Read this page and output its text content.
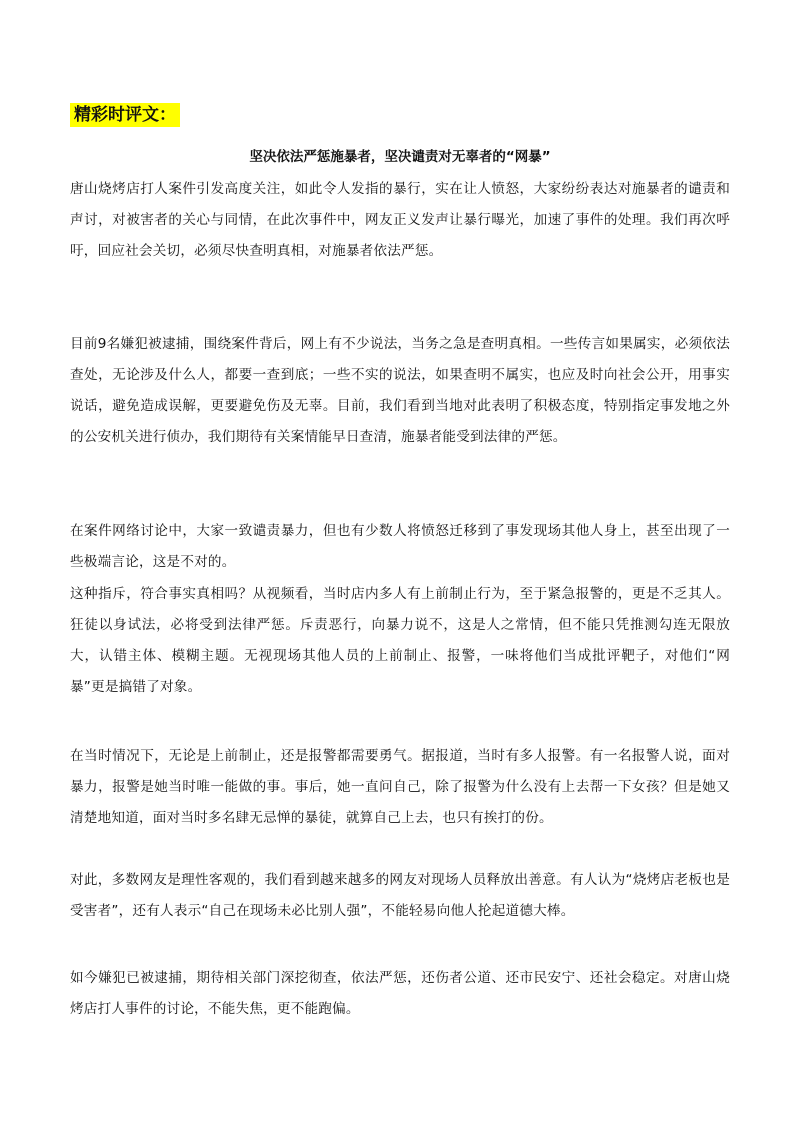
精彩时评文：
坚决依法严惩施暴者，坚决谴责对无辜者的“网暴”

唐山烧烤店打人案件引发高度关注，如此令人发指的暴行，实在让人愤怒，大家纷纷表达对施暴者的谴责和声讨，对被害者的关心与同情，在此次事件中，网友正义发声让暴行曝光，加速了事件的处理。我们再次呼吁，回应社会关切，必须尽快查明真相，对施暴者依法严惩。

目前9名嫌犯被逮捕，围绕案件背后，网上有不少说法，当务之急是查明真相。一些传言如果属实，必须依法查处，无论涉及什么人，都要一查到底；一些不实的说法，如果查明不属实，也应及时向社会公开，用事实说话，避免造成误解，更要避免伤及无辜。目前，我们看到当地对此表明了积极态度，特别指定事发地之外的公安机关进行侦办，我们期待有关案情能早日查清，施暴者能受到法律的严惩。

在案件网络讨论中，大家一致谴责暴力，但也有少数人将愤怒迁移到了事发现场其他人身上，甚至出现了一些极端言论，这是不对的。

这种指斥，符合事实真相吗？从视频看，当时店内多人有上前制止行为，至于紧急报警的，更是不乏其人。狂徒以身试法，必将受到法律严惩。斥责恶行，向暴力说不，这是人之常情，但不能只凭推测勾连无限放大，认错主体、模糊主题。无视现场其他人员的上前制止、报警，一味将他们当成批评靶子，对他们“网暴”更是搞错了对象。

在当时情况下，无论是上前制止，还是报警都需要勇气。据报道，当时有多人报警。有一名报警人说，面对暴力，报警是她当时唯一能做的事。事后，她一直问自己，除了报警为什么没有上去帮一下女孩？但是她又清楚地知道，面对当时多名肆无忌惮的暴徒，就算自己上去，也只有挨打的份。

对此，多数网友是理性客观的，我们看到越来越多的网友对现场人员释放出善意。有人认为“烧烤店老板也是受害者”，还有人表示“自己在现场未必比别人强”，不能轻易向他人抡起道德大棒。

如今嫌犯已被逮捕，期待相关部门深挖彻查，依法严惩，还伤者公道、还市民安宁、还社会稳定。对唐山烧烤店打人事件的讨论，不能失焦，更不能跑偏。
